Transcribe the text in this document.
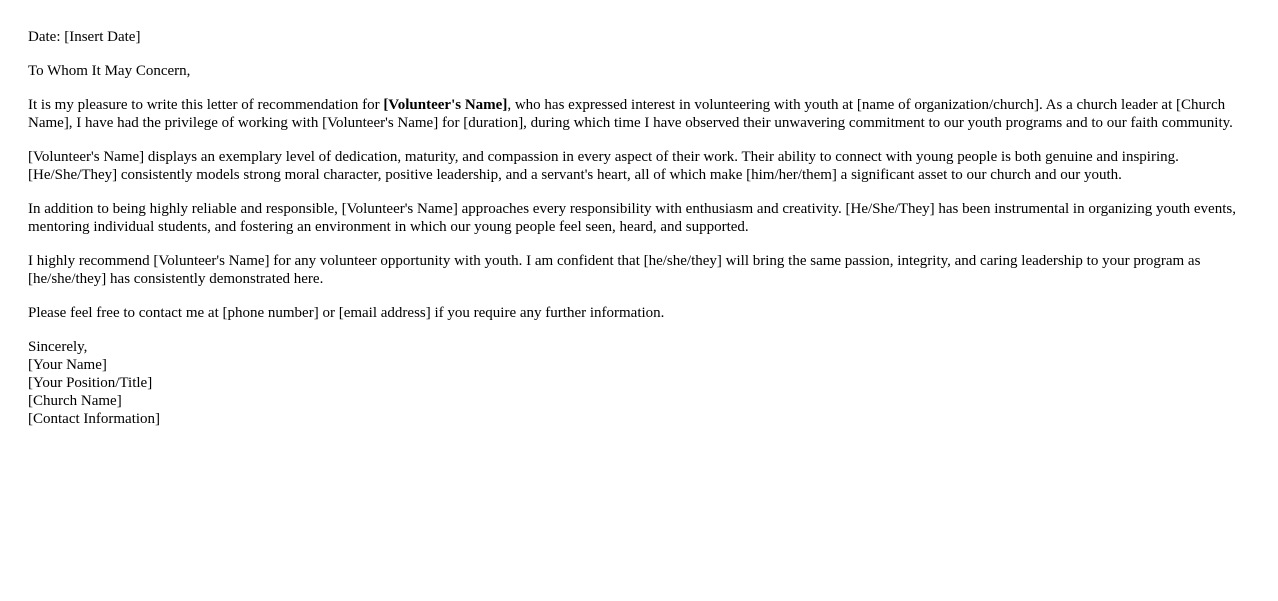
Date: [Insert Date]

To Whom It May Concern,

It is my pleasure to write this letter of recommendation for [Volunteer's Name], who has expressed interest in volunteering with youth at [name of organization/church]. As a church leader at [Church Name], I have had the privilege of working with [Volunteer's Name] for [duration], during which time I have observed their unwavering commitment to our youth programs and to our faith community.

[Volunteer's Name] displays an exemplary level of dedication, maturity, and compassion in every aspect of their work. Their ability to connect with young people is both genuine and inspiring. [He/She/They] consistently models strong moral character, positive leadership, and a servant's heart, all of which make [him/her/them] a significant asset to our church and our youth.

In addition to being highly reliable and responsible, [Volunteer's Name] approaches every responsibility with enthusiasm and creativity. [He/She/They] has been instrumental in organizing youth events, mentoring individual students, and fostering an environment in which our young people feel seen, heard, and supported.

I highly recommend [Volunteer's Name] for any volunteer opportunity with youth. I am confident that [he/she/they] will bring the same passion, integrity, and caring leadership to your program as [he/she/they] has consistently demonstrated here.

Please feel free to contact me at [phone number] or [email address] if you require any further information.

Sincerely,
[Your Name]
[Your Position/Title]
[Church Name]
[Contact Information]
